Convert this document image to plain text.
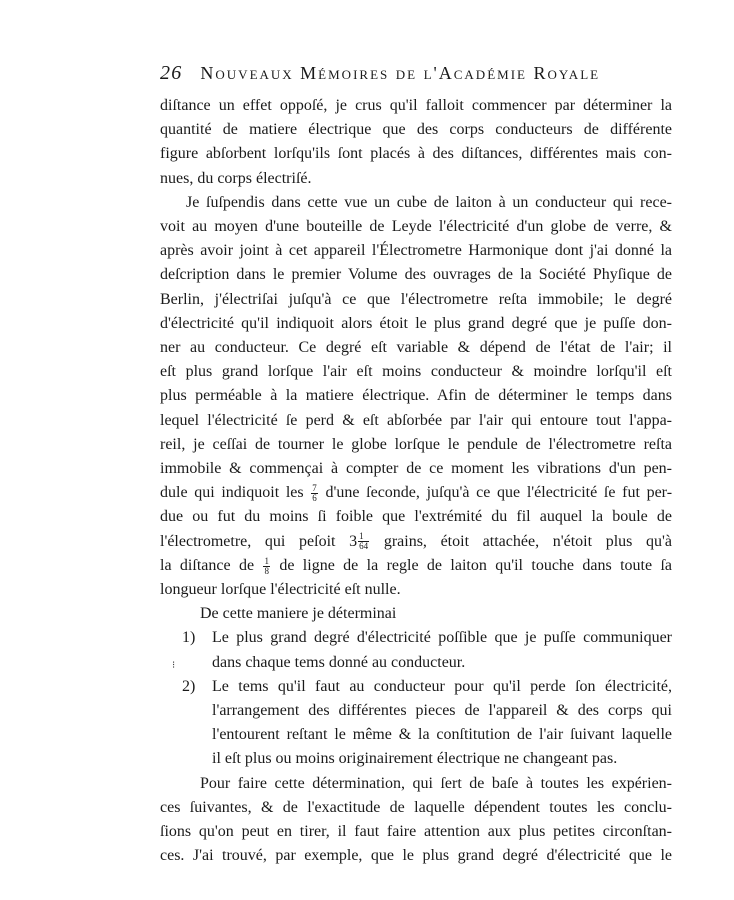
26 Nouveaux Mémoires de l'Académie Royale
diſtance un effet oppoſé, je crus qu'il falloit commencer par déterminer la
quantité de matiere électrique que des corps conducteurs de différente
figure abſorbent lorſqu'ils ſont placés à des diſtances, différentes mais con-
nues, du corps électriſé.
Je ſuſpendis dans cette vue un cube de laiton à un conducteur qui rece-
voit au moyen d'une bouteille de Leyde l'électricité d'un globe de verre, &
après avoir joint à cet appareil l'Électrometre Harmonique dont j'ai donné la
deſcription dans le premier Volume des ouvrages de la Société Phyſique de
Berlin, j'électriſai juſqu'à ce que l'électrometre reſta immobile; le degré
d'électricité qu'il indiquoit alors étoit le plus grand degré que je puſſe don-
ner au conducteur. Ce degré eſt variable & dépend de l'état de l'air; il
eſt plus grand lorſque l'air eſt moins conducteur & moindre lorſqu'il eſt
plus perméable à la matiere électrique. Afin de déterminer le temps dans
lequel l'électricité ſe perd & eſt abſorbée par l'air qui entoure tout l'appa-
reil, je ceſſai de tourner le globe lorſque le pendule de l'électrometre reſta
immobile & commençai à compter de ce moment les vibrations d'un pen-
dule qui indiquoit les $\frac{7}{6} d'une$ ſeconde, juſqu'à ce que l'électricité ſe fut per-
due ou fut du moins ſi foible que l'extrémité du fil auquel la boule de
l'électrometre, qui peſoit $3 \frac{1}{64}$ grains, étoit attachée, n'étoit plus qu'à
la diſtance de $\frac{1}{8}$ de ligne de la regle de laiton qu'il touche dans toute ſa
longueur lorſque l'électricité eſt nulle.
De cette maniere je déterminai
1) Le plus grand degré d'électricité poſſible que je puſſe communiquer
dans chaque tems donné au conducteur.
2) Le tems qu'il faut au conducteur pour qu'il perde ſon électricité,
l'arrangement des différentes pieces de l'appareil & des corps qui
l'entourent reſtant le même & la conſtitution de l'air ſuivant laquelle
il eſt plus ou moins originairement électrique ne changeant pas.
Pour faire cette détermination, qui ſert de baſe à toutes les expérien-
ces ſuivantes, & de l'exactitude de laquelle dépendent toutes les conclu-
ſions qu'on peut en tirer, il faut faire attention aux plus petites circonſtan-
ces. J'ai trouvé, par exemple, que le plus grand degré d'électricité que le
⁝
